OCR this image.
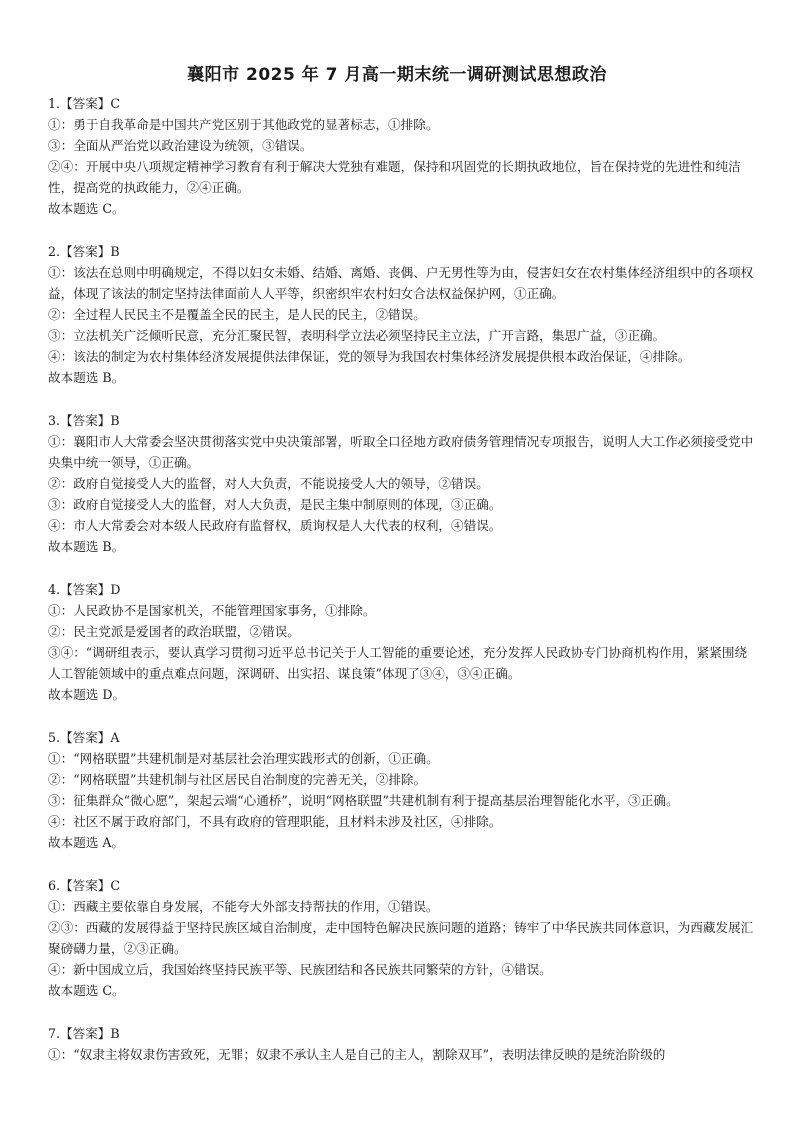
襄阳市 2025 年 7 月高一期末统一调研测试思想政治
1.【答案】C
①：勇于自我革命是中国共产党区别于其他政党的显著标志，①排除。
③：全面从严治党以政治建设为统领，③错误。
②④：开展中央八项规定精神学习教育有利于解决大党独有难题，保持和巩固党的长期执政地位，旨在保持党的先进性和纯洁性，提高党的执政能力，②④正确。
故本题选 C。
2.【答案】B
①：该法在总则中明确规定，不得以妇女未婚、结婚、离婚、丧偶、户无男性等为由，侵害妇女在农村集体经济组织中的各项权益，体现了该法的制定坚持法律面前人人平等，织密织牢农村妇女合法权益保护网，①正确。
②：全过程人民民主不是覆盖全民的民主，是人民的民主，②错误。
③：立法机关广泛倾听民意，充分汇聚民智，表明科学立法必须坚持民主立法，广开言路，集思广益，③正确。
④：该法的制定为农村集体经济发展提供法律保证，党的领导为我国农村集体经济发展提供根本政治保证，④排除。
故本题选 B。
3.【答案】B
①：襄阳市人大常委会坚决贯彻落实党中央决策部署，听取全口径地方政府债务管理情况专项报告，说明人大工作必须接受党中央集中统一领导，①正确。
②：政府自觉接受人大的监督，对人大负责，不能说接受人大的领导，②错误。
③：政府自觉接受人大的监督，对人大负责，是民主集中制原则的体现，③正确。
④：市人大常委会对本级人民政府有监督权，质询权是人大代表的权利，④错误。
故本题选 B。
4.【答案】D
①：人民政协不是国家机关，不能管理国家事务，①排除。
②：民主党派是爱国者的政治联盟，②错误。
③④：“调研组表示，要认真学习贯彻习近平总书记关于人工智能的重要论述，充分发挥人民政协专门协商机构作用，紧紧围绕人工智能领域中的重点难点问题，深调研、出实招、谋良策”体现了③④，③④正确。
故本题选 D。
5.【答案】A
①：“网格联盟”共建机制是对基层社会治理实践形式的创新，①正确。
②：“网格联盟”共建机制与社区居民自治制度的完善无关，②排除。
③：征集群众“微心愿”，架起云端“心通桥”，说明“网格联盟”共建机制有利于提高基层治理智能化水平，③正确。
④：社区不属于政府部门，不具有政府的管理职能，且材料未涉及社区，④排除。
故本题选 A。
6.【答案】C
①：西藏主要依靠自身发展，不能夸大外部支持帮扶的作用，①错误。
②③：西藏的发展得益于坚持民族区域自治制度，走中国特色解决民族问题的道路；铸牢了中华民族共同体意识，为西藏发展汇聚磅礴力量，②③正确。
④：新中国成立后，我国始终坚持民族平等、民族团结和各民族共同繁荣的方针，④错误。
故本题选 C。
7.【答案】B
①：“奴隶主将奴隶伤害致死，无罪；奴隶不承认主人是自己的主人，割除双耳”，表明法律反映的是统治阶级的
